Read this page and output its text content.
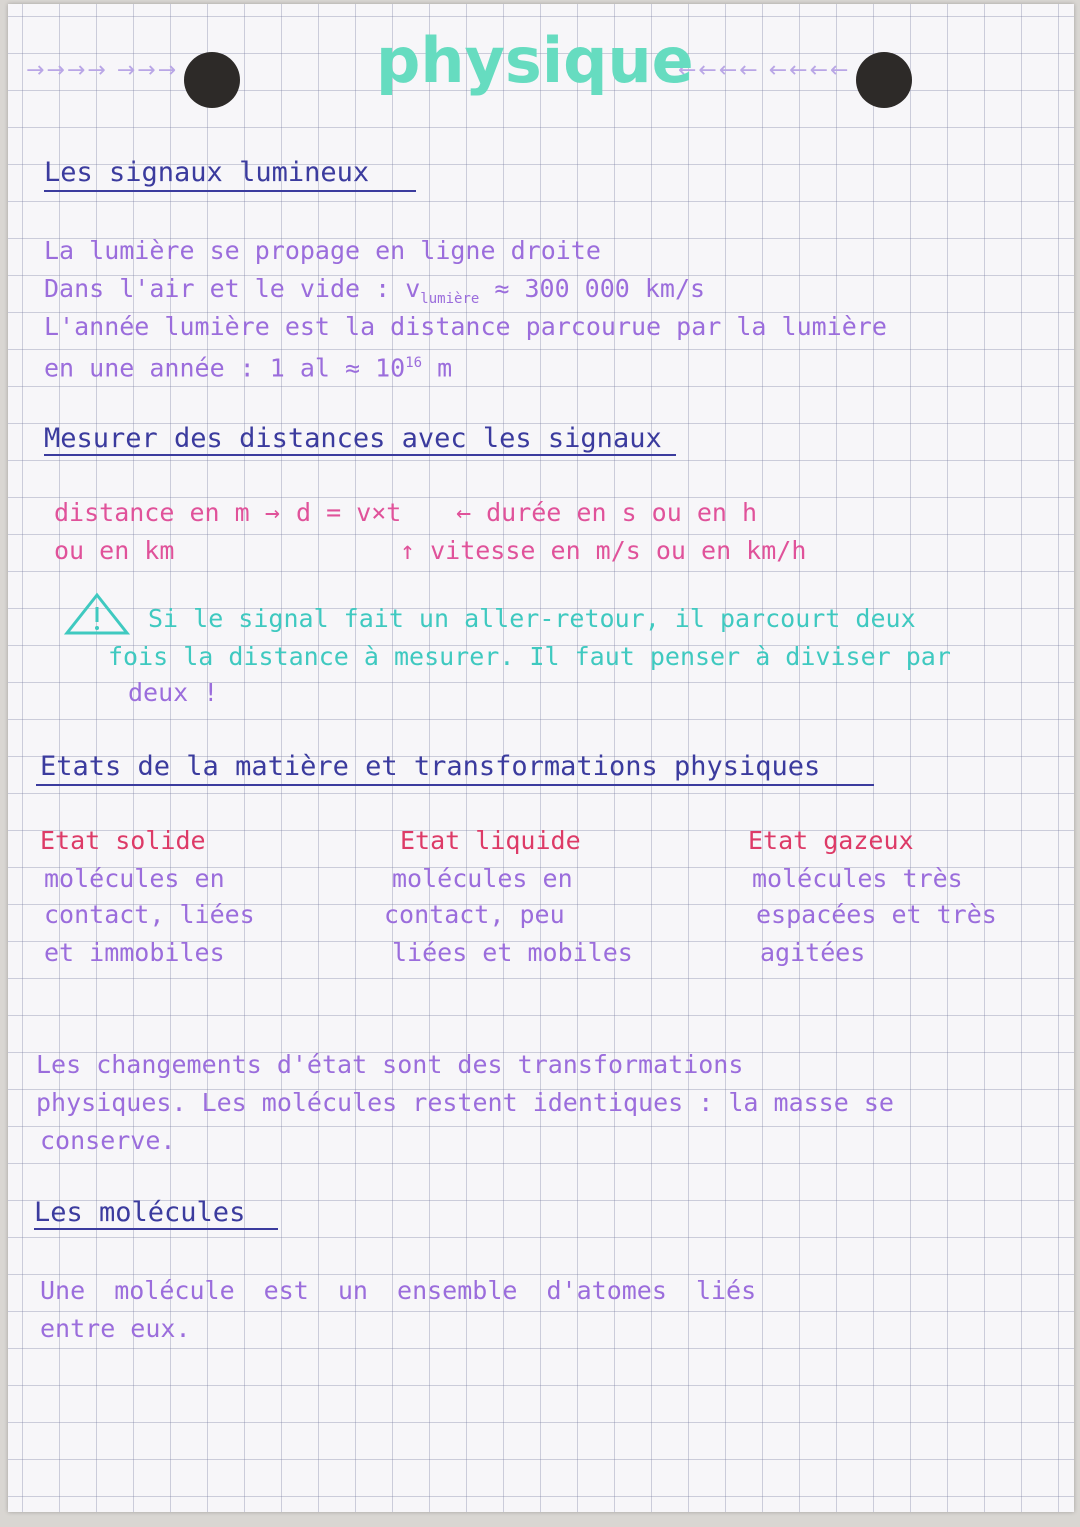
→→→→ →→→	←←←← ←←←←
physique
Les signaux lumineux
La lumière se propage en ligne droite
Dans l'air et le vide : $v_{lumière} \approx 300$ 000 km/s
L'année lumière est la distance parcourue par la lumière
en une année : 1 al ≈ $10^{16}$ m
Mesurer des distances avec les signaux
distance en m →
ou en km
d = v×t ← durée en s ou en h
↑ vitesse en m/s ou en km/h
Si le signal fait un aller-retour, il parcourt deux
fois la distance à mesurer. Il faut penser à diviser par
deux !
Etats de la matière et transformations physiques
Etat solide
molécules en
contact, liées
et immobiles
Etat liquide
molécules en
contact, peu
liées et mobiles
Etat gazeux
molécules très
espacées et très
agitées
Les changements d'état sont des transformations
physiques. Les molécules restent identiques : la masse se
conserve.
Les molécules
Une molécule est un ensemble d'atomes liés
entre eux.
